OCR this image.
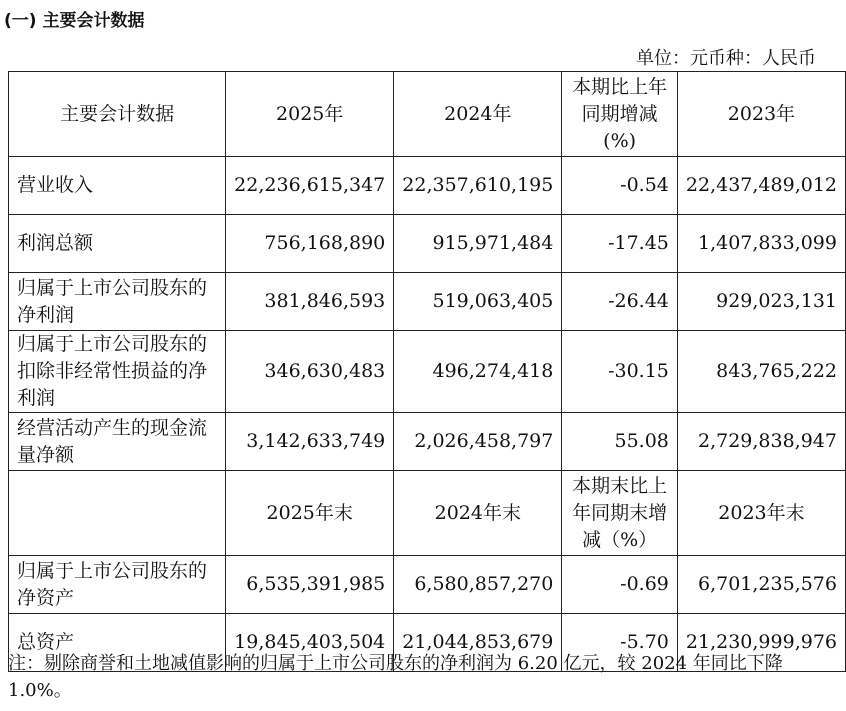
(一) 主要会计数据
单位：元币种：人民币
主要会计数据	2025年	2024年	本期比上年同期增减(%)	2023年
营业收入	22,236,615,347	22,357,610,195	-0.54	22,437,489,012
利润总额	756,168,890	915,971,484	-17.45	1,407,833,099
归属于上市公司股东的净利润	381,846,593	519,063,405	-26.44	929,023,131
归属于上市公司股东的扣除非经常性损益的净利润	346,630,483	496,274,418	-30.15	843,765,222
经营活动产生的现金流量净额	3,142,633,749	2,026,458,797	55.08	2,729,838,947
	2025年末	2024年末	本期末比上年同期末增减（%）	2023年末
归属于上市公司股东的净资产	6,535,391,985	6,580,857,270	-0.69	6,701,235,576
总资产	19,845,403,504	21,044,853,679	-5.70	21,230,999,976
注：剔除商誉和土地减值影响的归属于上市公司股东的净利润为 6.20 亿元，较 2024 年同比下降 1.0%。
